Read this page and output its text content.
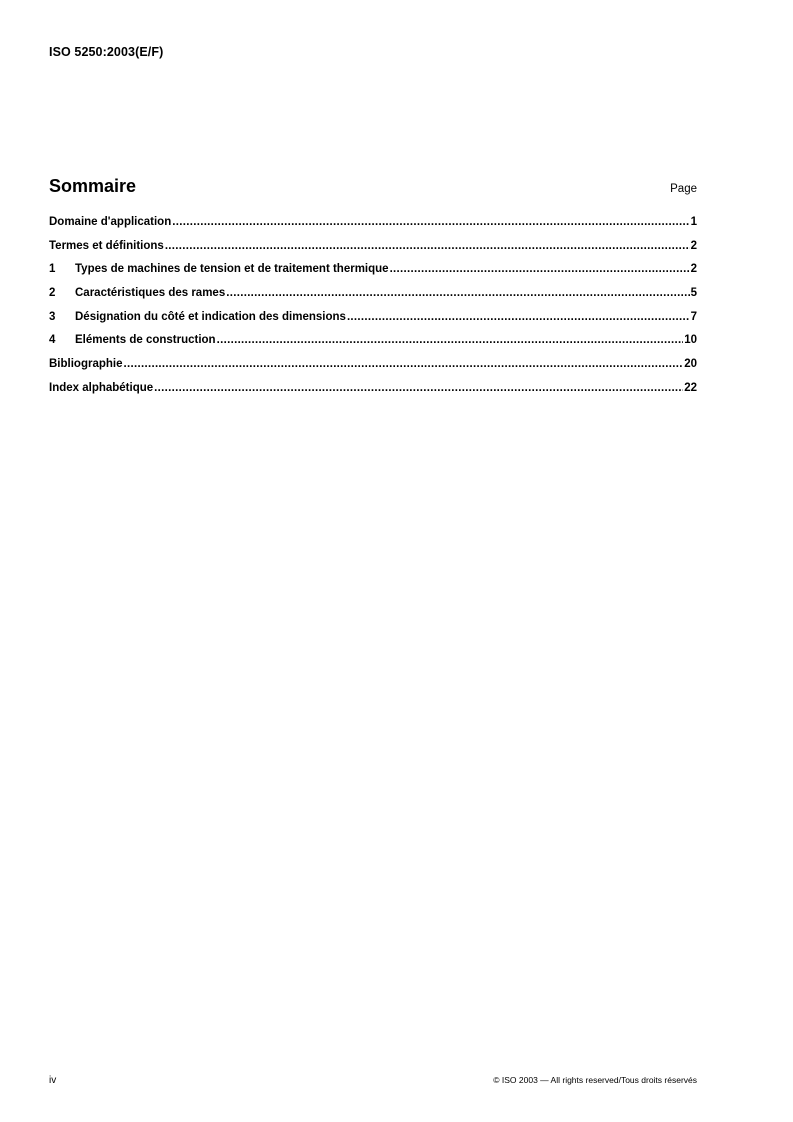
ISO 5250:2003(E/F)
Sommaire	Page
Domaine d'application .....	1
Termes et définitions .....	2
1	Types de machines de tension et de traitement thermique .....	2
2	Caractéristiques des rames .....	5
3	Désignation du côté et indication des dimensions .....	7
4	Éléments de construction .....	10
Bibliographie .....	20
Index alphabétique .....	22
iv	© ISO 2003 — All rights reserved/Tous droits réservés
